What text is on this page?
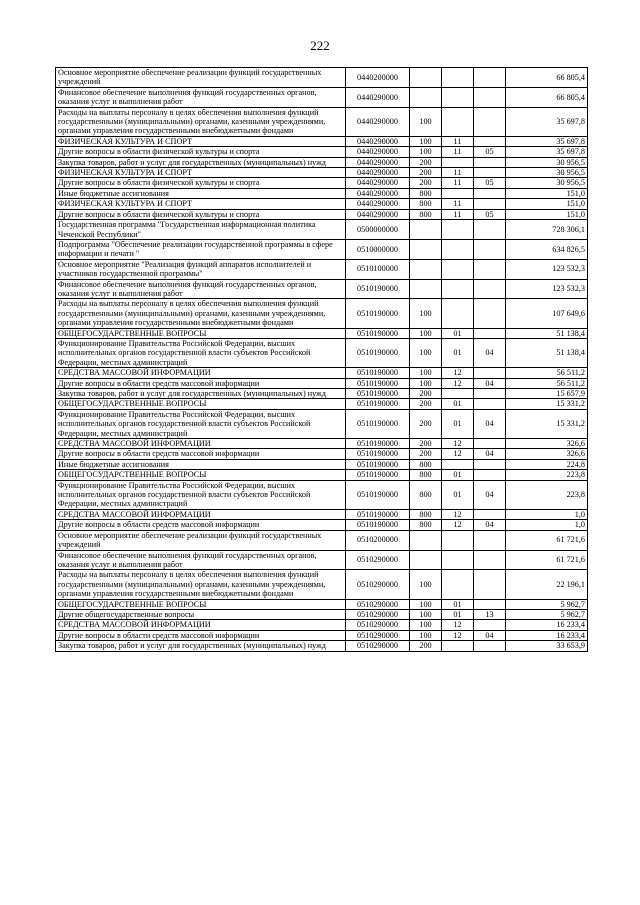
222
Основное мероприятие обеспечение реализации функций государственных учреждений	0440200000				66 805,4
Финансовое обеспечение выполнения функций государственных органов, оказания услуг и выполнения работ	0440290000				66 805,4
Расходы на выплаты персоналу в целях обеспечения выполнения функций государственными (муниципальными) органами, казенными учреждениями, органами управления государственными внебюджетными фондами	0440290000	100			35 697,8
ФИЗИЧЕСКАЯ КУЛЬТУРА И СПОРТ	0440290000	100	11		35 697,8
Другие вопросы в области физической культуры и спорта	0440290000	100	11	05	35 697,8
Закупка товаров, работ и услуг для государственных (муниципальных) нужд	0440290000	200			30 956,5
ФИЗИЧЕСКАЯ КУЛЬТУРА И СПОРТ	0440290000	200	11		30 956,5
Другие вопросы в области физической культуры и спорта	0440290000	200	11	05	30 956,5
Иные бюджетные ассигнования	0440290000	800			151,0
ФИЗИЧЕСКАЯ КУЛЬТУРА И СПОРТ	0440290000	800	11		151,0
Другие вопросы в области физической культуры и спорта	0440290000	800	11	05	151,0
Государственная программа "Государственная информационная политика Чеченской Республики"	0500000000				728 306,1
Подпрограмма "Обеспечение реализации государственной программы в сфере информации и печати "	0510000000				634 826,5
Основное мероприятие "Реализация функций аппаратов исполнителей и участников государственной программы"	0510100000				123 532,3
Финансовое обеспечение выполнения функций государственных органов, оказания услуг и выполнения работ	0510190000				123 532,3
Расходы на выплаты персоналу в целях обеспечения выполнения функций государственными (муниципальными) органами, казенными учреждениями, органами управления государственными внебюджетными фондами	0510190000	100			107 649,6
ОБЩЕГОСУДАРСТВЕННЫЕ ВОПРОСЫ	0510190000	100	01		51 138,4
Функционирование Правительства Российской Федерации, высших исполнительных органов государственной власти субъектов Российской Федерации, местных администраций	0510190000	100	01	04	51 138,4
СРЕДСТВА МАССОВОЙ ИНФОРМАЦИИ	0510190000	100	12		56 511,2
Другие вопросы в области средств массовой информации	0510190000	100	12	04	56 511,2
Закупка товаров, работ и услуг для государственных (муниципальных) нужд	0510190000	200			15 657,9
ОБЩЕГОСУДАРСТВЕННЫЕ ВОПРОСЫ	0510190000	200	01		15 331,2
Функционирование Правительства Российской Федерации, высших исполнительных органов государственной власти субъектов Российской Федерации, местных администраций	0510190000	200	01	04	15 331,2
СРЕДСТВА МАССОВОЙ ИНФОРМАЦИИ	0510190000	200	12		326,6
Другие вопросы в области средств массовой информации	0510190000	200	12	04	326,6
Иные бюджетные ассигнования	0510190000	800			224,8
ОБЩЕГОСУДАРСТВЕННЫЕ ВОПРОСЫ	0510190000	800	01		223,8
Функционирование Правительства Российской Федерации, высших исполнительных органов государственной власти субъектов Российской Федерации, местных администраций	0510190000	800	01	04	223,8
СРЕДСТВА МАССОВОЙ ИНФОРМАЦИИ	0510190000	800	12		1,0
Другие вопросы в области средств массовой информации	0510190000	800	12	04	1,0
Основное мероприятие обеспечение реализации функций государственных учреждений	0510200000				61 721,6
Финансовое обеспечение выполнения функций государственных органов, оказания услуг и выполнения работ	0510290000				61 721,6
Расходы на выплаты персоналу в целях обеспечения выполнения функций государственными (муниципальными) органами, казенными учреждениями, органами управления государственными внебюджетными фондами	0510290000	100			22 196,1
ОБЩЕГОСУДАРСТВЕННЫЕ ВОПРОСЫ	0510290000	100	01		5 962,7
Другие общегосударственные вопросы	0510290000	100	01	13	5 962,7
СРЕДСТВА МАССОВОЙ ИНФОРМАЦИИ	0510290000	100	12		16 233,4
Другие вопросы в области средств массовой информации	0510290000	100	12	04	16 233,4
Закупка товаров, работ и услуг для государственных (муниципальных) нужд	0510290000	200			33 653,9
